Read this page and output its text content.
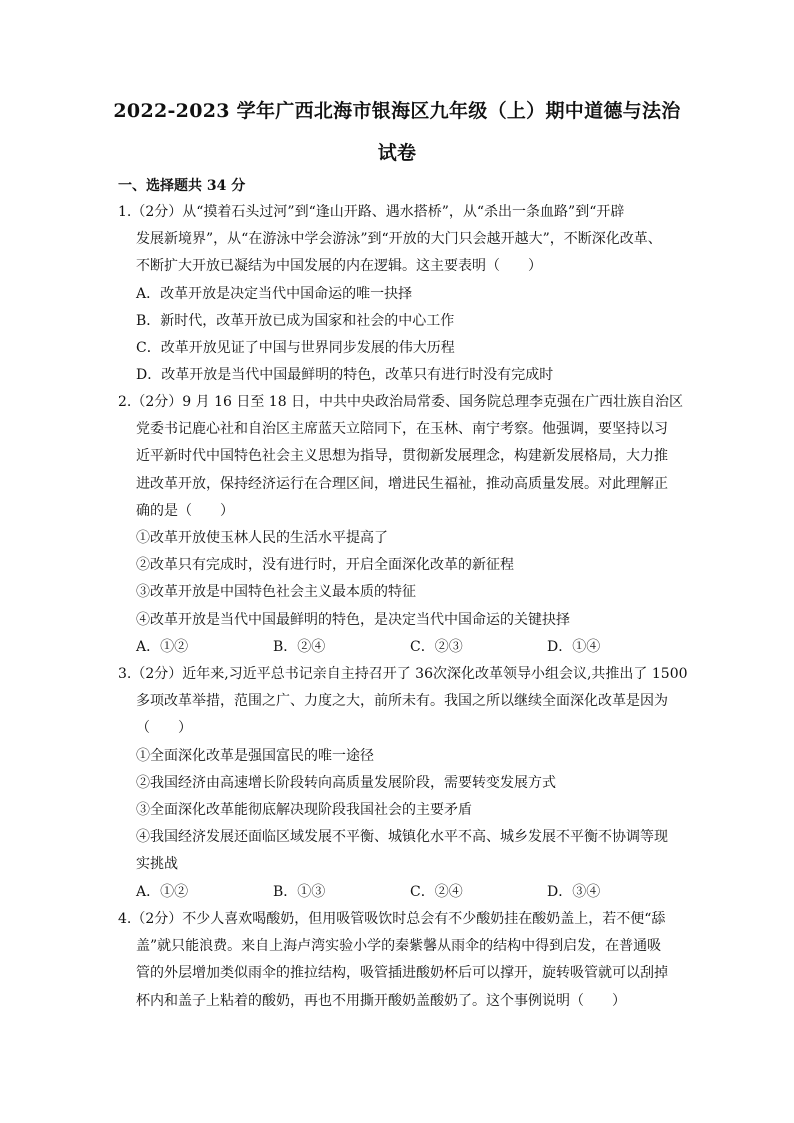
2022-2023 学年广西北海市银海区九年级（上）期中道德与法治
试卷
一、选择题共 34 分
1.（2分）从“摸着石头过河”到“逢山开路、遇水搭桥”，从“杀出一条血路”到“开辟
发展新境界”，从“在游泳中学会游泳”到“开放的大门只会越开越大”，不断深化改革、
不断扩大开放已凝结为中国发展的内在逻辑。这主要表明（　　）
A．改革开放是决定当代中国命运的唯一抉择
B．新时代，改革开放已成为国家和社会的中心工作
C．改革开放见证了中国与世界同步发展的伟大历程
D．改革开放是当代中国最鲜明的特色，改革只有进行时没有完成时
2.（2分）9 月 16 日至 18 日，中共中央政治局常委、国务院总理李克强在广西壮族自治区
党委书记鹿心社和自治区主席蓝天立陪同下，在玉林、南宁考察。他强调，要坚持以习
近平新时代中国特色社会主义思想为指导，贯彻新发展理念，构建新发展格局，大力推
进改革开放，保持经济运行在合理区间，增进民生福祉，推动高质量发展。对此理解正
确的是（　　）
①改革开放使玉林人民的生活水平提高了
②改革只有完成时，没有进行时，开启全面深化改革的新征程
③改革开放是中国特色社会主义最本质的特征
④改革开放是当代中国最鲜明的特色，是决定当代中国命运的关键抉择
A．①②	B．②④	C．②③	D．①④
3.（2分）近年来,习近平总书记亲自主持召开了 36次深化改革领导小组会议,共推出了 1500
多项改革举措，范围之广、力度之大，前所未有。我国之所以继续全面深化改革是因为
（　　）
①全面深化改革是强国富民的唯一途径
②我国经济由高速增长阶段转向高质量发展阶段，需要转变发展方式
③全面深化改革能彻底解决现阶段我国社会的主要矛盾
④我国经济发展还面临区域发展不平衡、城镇化水平不高、城乡发展不平衡不协调等现
实挑战
A．①②	B．①③	C．②④	D．③④
4.（2分）不少人喜欢喝酸奶，但用吸管吸饮时总会有不少酸奶挂在酸奶盖上，若不便“舔
盖”就只能浪费。来自上海卢湾实验小学的秦紫馨从雨伞的结构中得到启发，在普通吸
管的外层增加类似雨伞的推拉结构，吸管插进酸奶杯后可以撑开，旋转吸管就可以刮掉
杯内和盖子上粘着的酸奶，再也不用撕开酸奶盖酸奶了。这个事例说明（　　）
